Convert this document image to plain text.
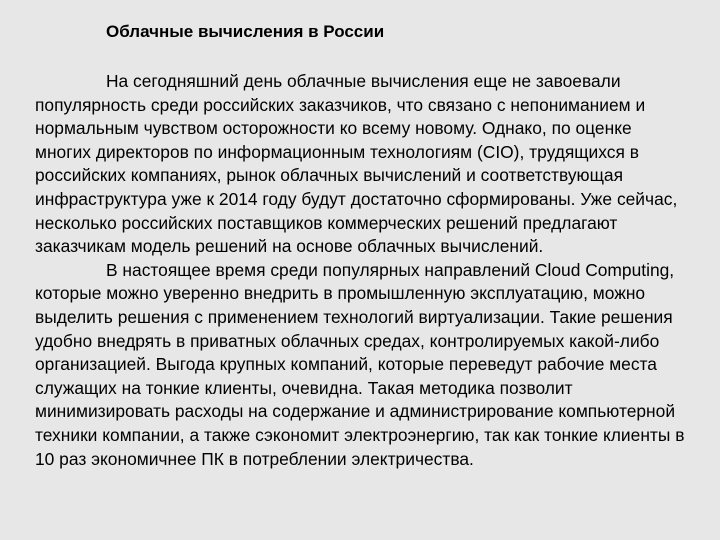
Облачные вычисления в России

На сегодняшний день облачные вычисления еще не завоевали популярность среди российских заказчиков, что связано с непониманием и нормальным чувством осторожности ко всему новому. Однако, по оценке многих директоров по информационным технологиям (CIO), трудящихся в российских компаниях, рынок облачных вычислений и соответствующая инфраструктура уже к 2014 году будут достаточно сформированы. Уже сейчас, несколько российских поставщиков коммерческих решений предлагают заказчикам модель решений на основе облачных вычислений.

В настоящее время среди популярных направлений Cloud Computing, которые можно уверенно внедрить в промышленную эксплуатацию, можно выделить решения с применением технологий виртуализации. Такие решения удобно внедрять в приватных облачных средах, контролируемых какой-либо организацией. Выгода крупных компаний, которые переведут рабочие места служащих на тонкие клиенты, очевидна. Такая методика позволит минимизировать расходы на содержание и администрирование компьютерной техники компании, а также сэкономит электроэнергию, так как тонкие клиенты в 10 раз экономичнее ПК в потреблении электричества.
